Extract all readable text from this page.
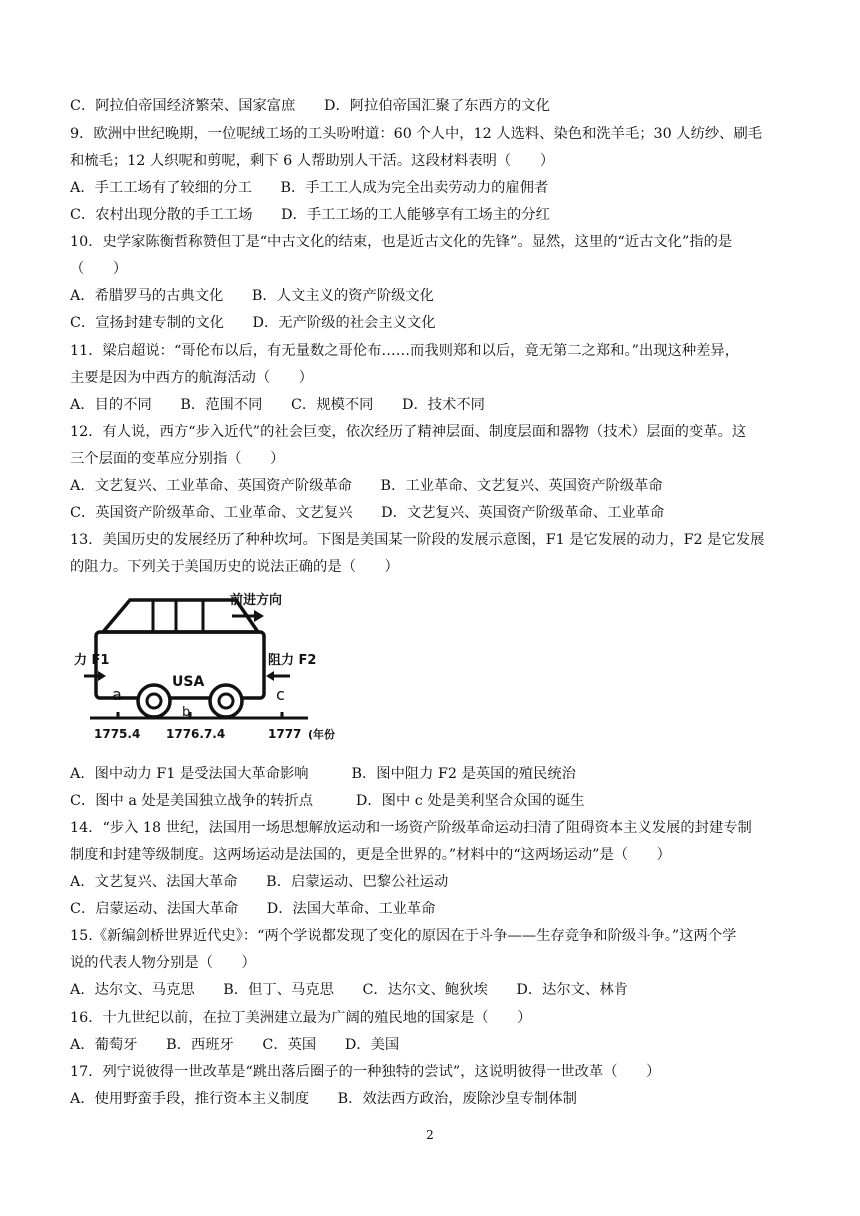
C．阿拉伯帝国经济繁荣、国家富庶　　D．阿拉伯帝国汇聚了东西方的文化
9．欧洲中世纪晚期，一位呢绒工场的工头吩咐道：60 个人中，12 人选料、染色和洗羊毛；30 人纺纱、刷毛
和梳毛；12 人织呢和剪呢，剩下 6 人帮助别人干活。这段材料表明（　　）
A．手工工场有了较细的分工　　B．手工工人成为完全出卖劳动力的雇佣者
C．农村出现分散的手工工场　　D．手工工场的工人能够享有工场主的分红
10．史学家陈衡哲称赞但丁是“中古文化的结束，也是近古文化的先锋”。显然，这里的“近古文化”指的是
（　　）
A．希腊罗马的古典文化　　B．人文主义的资产阶级文化
C．宣扬封建专制的文化　　D．无产阶级的社会主义文化
11．梁启超说：“哥伦布以后，有无量数之哥伦布……而我则郑和以后，竟无第二之郑和。”出现这种差异，
主要是因为中西方的航海活动（　　）
A．目的不同　　B．范围不同　　C．规模不同　　D．技术不同
12．有人说，西方“步入近代”的社会巨变，依次经历了精神层面、制度层面和器物（技术）层面的变革。这
三个层面的变革应分别指（　　）
A．文艺复兴、工业革命、英国资产阶级革命　　B．工业革命、文艺复兴、英国资产阶级革命
C．英国资产阶级革命、工业革命、文艺复兴　　D．文艺复兴、英国资产阶级革命、工业革命
13．美国历史的发展经历了种种坎坷。下图是美国某一阶段的发展示意图，F1 是它发展的动力，F2 是它发展
的阻力。下列关于美国历史的说法正确的是（　　）
前进方向
力 F1	阻力 F2
USA
a
b
c
1775.4 1776.7.4	1777 (年份
A．图中动力 F1 是受法国大革命影响　　　B．图中阻力 F2 是英国的殖民统治
C．图中 a 处是美国独立战争的转折点　　　D．图中 c 处是美利坚合众国的诞生
14．“步入 18 世纪，法国用一场思想解放运动和一场资产阶级革命运动扫清了阻碍资本主义发展的封建专制
制度和封建等级制度。这两场运动是法国的，更是全世界的。”材料中的“这两场运动”是（　　）
A．文艺复兴、法国大革命　　B．启蒙运动、巴黎公社运动
C．启蒙运动、法国大革命　　D．法国大革命、工业革命
15.《新编剑桥世界近代史》：“两个学说都发现了变化的原因在于斗争——生存竞争和阶级斗争。”这两个学
说的代表人物分别是（　　）
A．达尔文、马克思　　B．但丁、马克思　　C．达尔文、鲍狄埃　　D．达尔文、林肯
16．十九世纪以前，在拉丁美洲建立最为广阔的殖民地的国家是（　　）
A．葡萄牙　　B．西班牙　　C．英国　　D．美国
17．列宁说彼得一世改革是“跳出落后圈子的一种独特的尝试”，这说明彼得一世改革（　　）
A．使用野蛮手段，推行资本主义制度　　B．效法西方政治，废除沙皇专制体制
2
